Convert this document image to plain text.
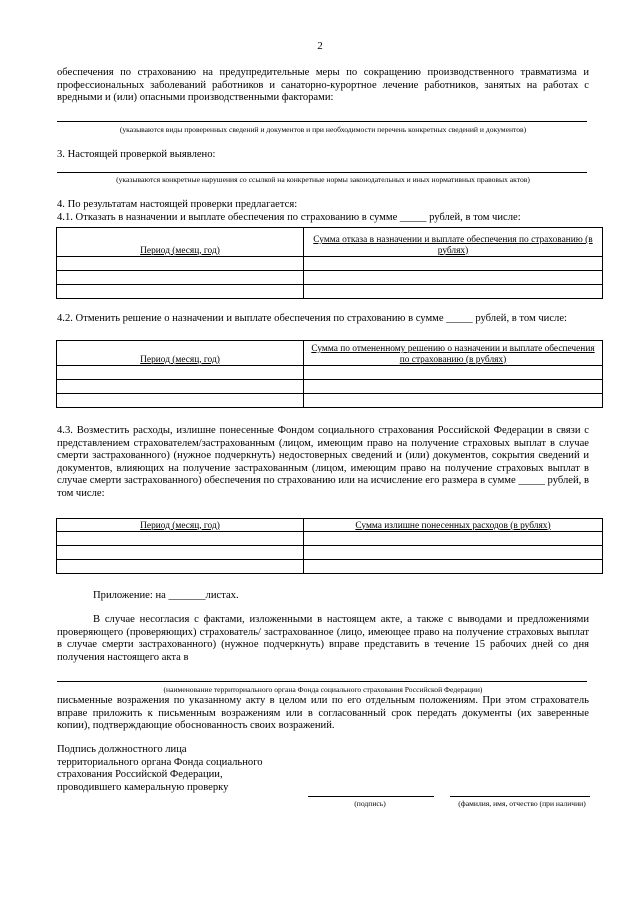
2
обеспечения по страхованию на предупредительные меры по сокращению производственного травматизма и профессиональных заболеваний работников и санаторно-курортное лечение работников, занятых на работах с вредными и (или) опасными производственными факторами:
(указываются виды проверенных сведений и документов и при необходимости перечень конкретных сведений и документов)
3. Настоящей проверкой выявлено:
(указываются конкретные нарушения со ссылкой на конкретные нормы законодательных и иных нормативных правовых актов)
4. По результатам настоящей проверки предлагается:
4.1. Отказать в назначении и выплате обеспечения по страхованию в сумме _____ рублей, в том числе:
Период (месяц, год)	Сумма отказа в назначении и выплате обеспечения по страхованию (в рублях)

4.2. Отменить решение о назначении и выплате обеспечения по страхованию в сумме _____ рублей, в том числе:
Период (месяц, год)	Сумма по отмененному решению о назначении и выплате обеспечения по страхованию (в рублях)

4.3. Возместить расходы, излишне понесенные Фондом социального страхования Российской Федерации в связи с представлением страхователем/застрахованным (лицом, имеющим право на получение страховых выплат в случае смерти застрахованного) (нужное подчеркнуть) недостоверных сведений и (или) документов, сокрытия сведений и документов, влияющих на получение застрахованным (лицом, имеющим право на получение страховых выплат в случае смерти застрахованного) обеспечения по страхованию или на исчисление его размера в сумме _____ рублей, в том числе:
Период (месяц, год)	Сумма излишне понесенных расходов (в рублях)

Приложение: на _______листах.
В случае несогласия с фактами, изложенными в настоящем акте, а также с выводами и предложениями проверяющего (проверяющих) страхователь/ застрахованное (лицо, имеющее право на получение страховых выплат в случае смерти застрахованного) (нужное подчеркнуть) вправе представить в течение 15 рабочих дней со дня получения настоящего акта в
(наименование территориального органа Фонда социального страхования Российской Федерации)
письменные возражения по указанному акту в целом или по его отдельным положениям. При этом страхователь вправе приложить к письменным возражениям или в согласованный срок передать документы (их заверенные копии), подтверждающие обоснованность своих возражений.
Подпись должностного лица
территориального органа Фонда социального
страхования Российской Федерации,
проводившего камеральную проверку
(подпись)	(фамилия, имя, отчество (при наличии)
